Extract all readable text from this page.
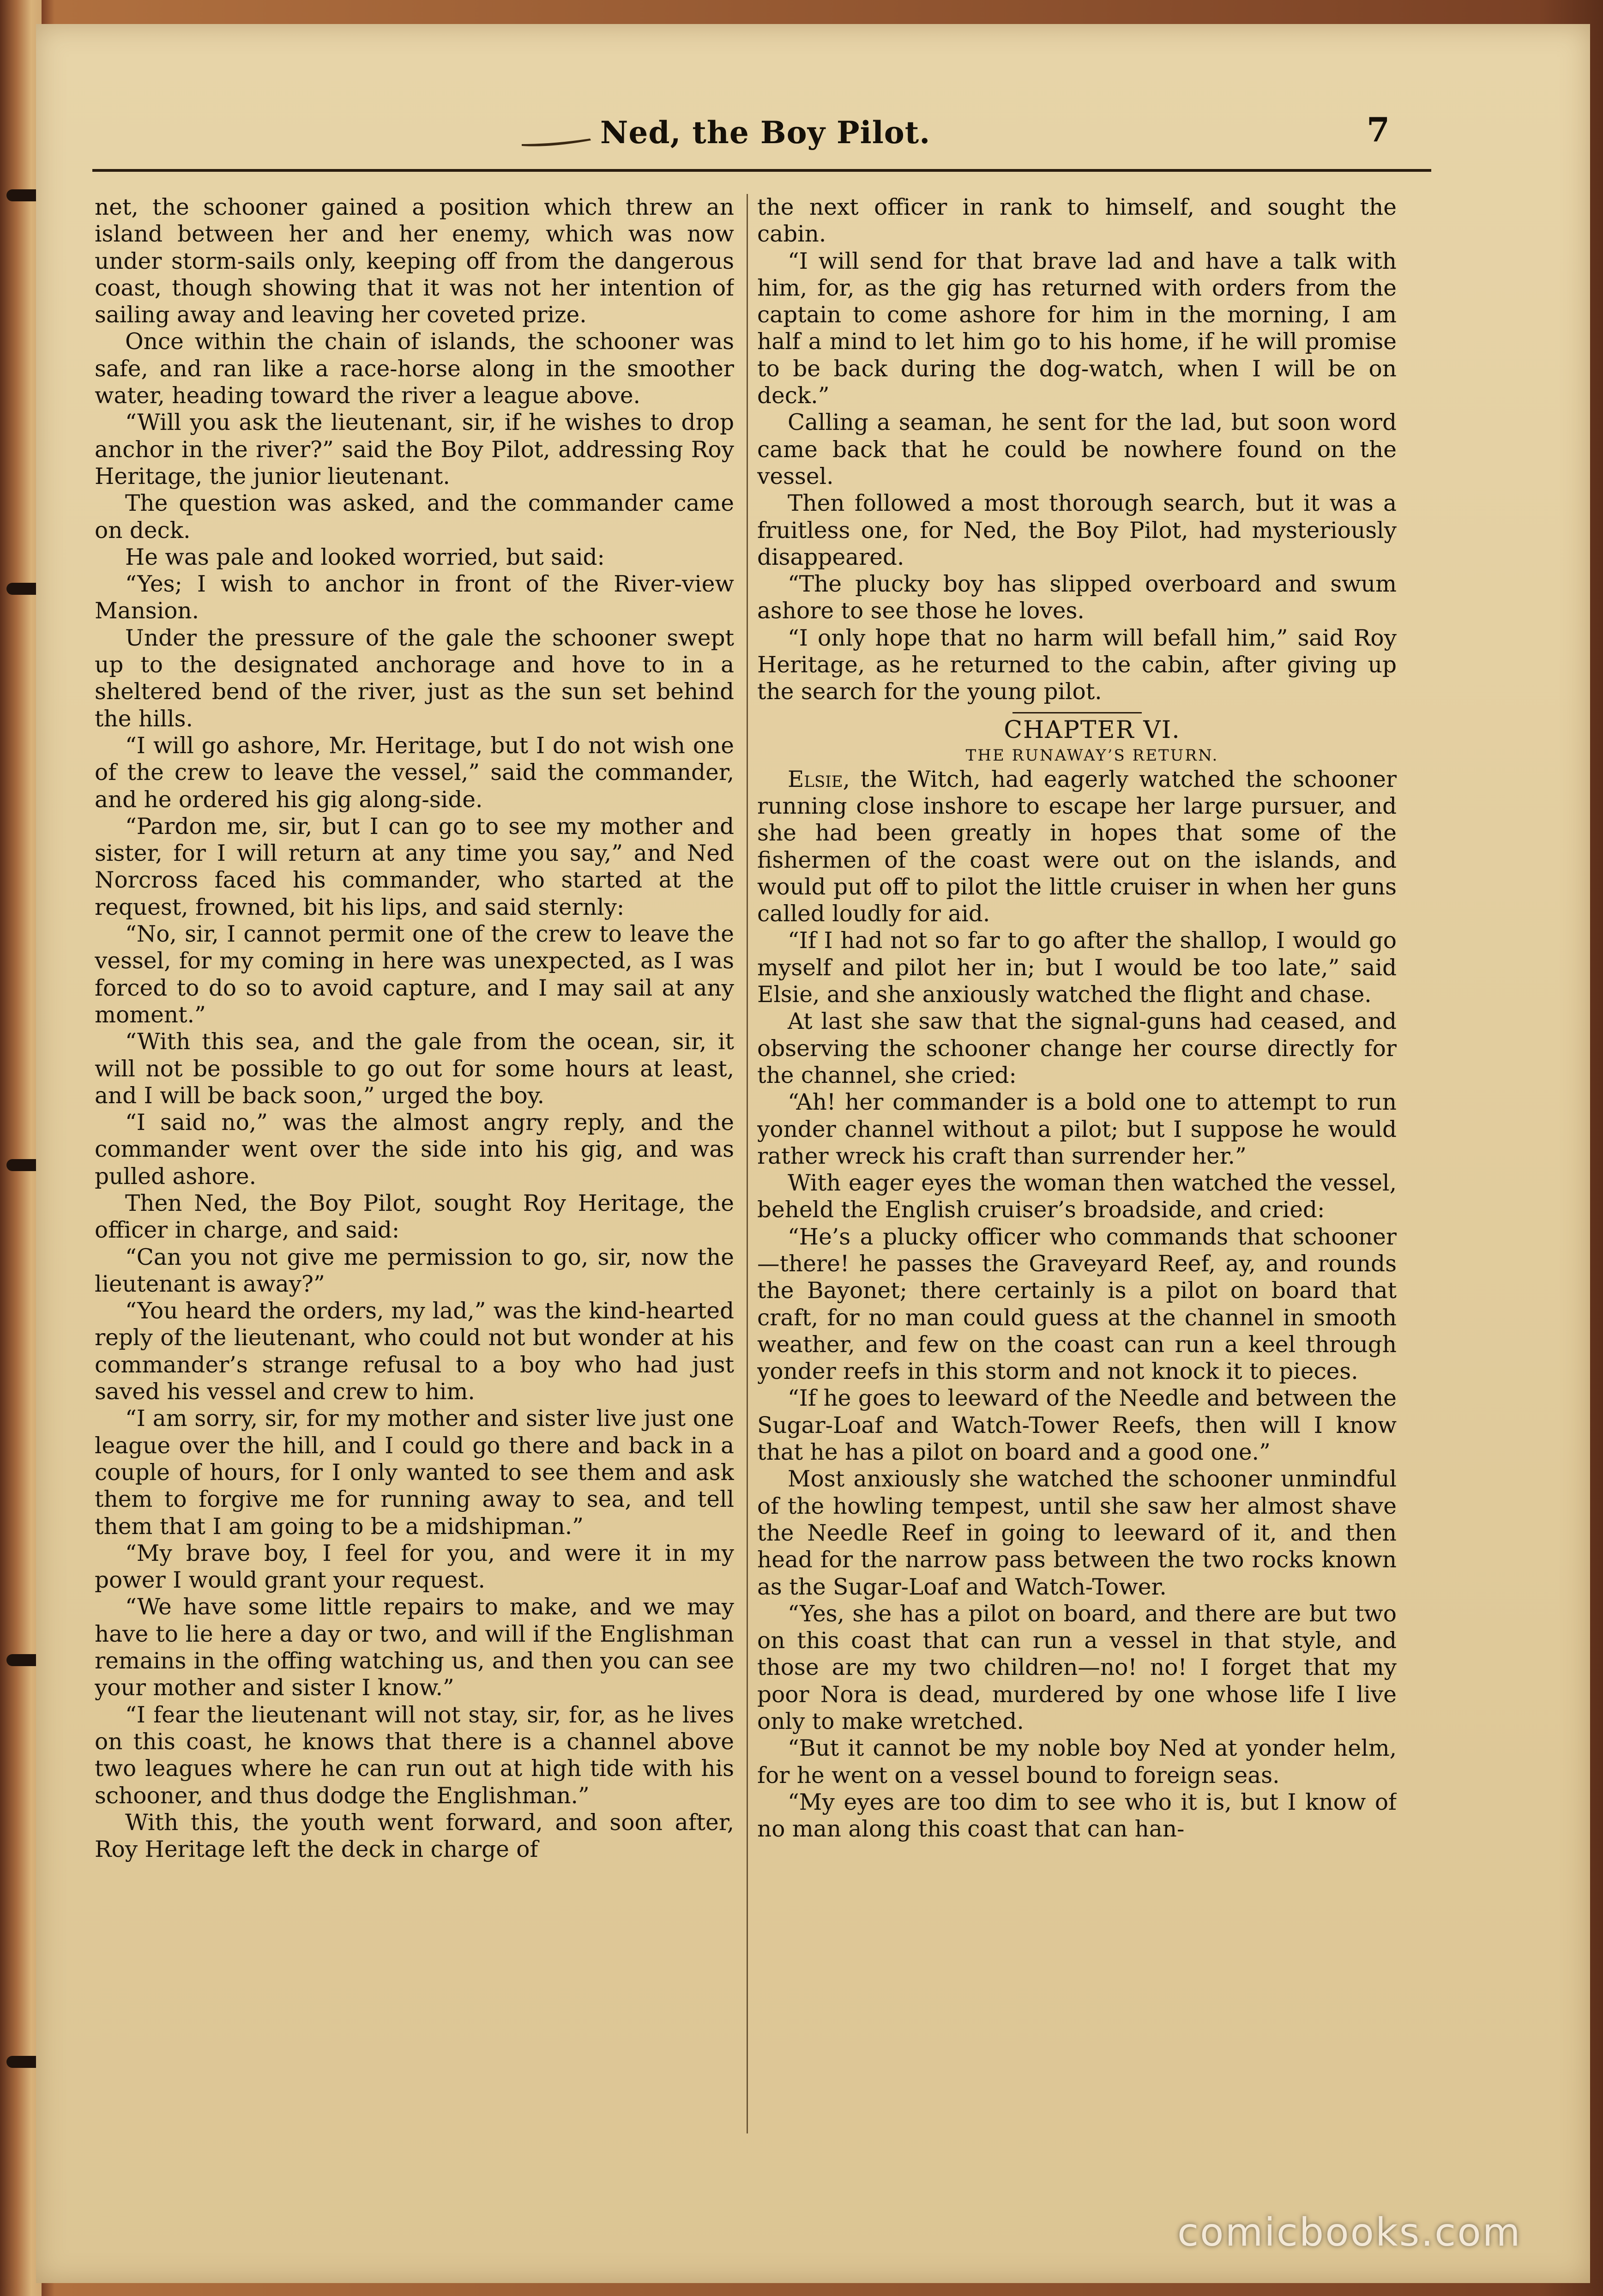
Ned, the Boy Pilot.	7

net, the schooner gained a position which threw an island between her and her enemy, which was now under storm-sails only, keeping off from the dangerous coast, though showing that it was not her intention of sailing away and leaving her coveted prize.

Once within the chain of islands, the schooner was safe, and ran like a race-horse along in the smoother water, heading toward the river a league above.

“Will you ask the lieutenant, sir, if he wishes to drop anchor in the river?” said the Boy Pilot, addressing Roy Heritage, the junior lieutenant.

The question was asked, and the commander came on deck.

He was pale and looked worried, but said:

“Yes; I wish to anchor in front of the River-view Mansion.

Under the pressure of the gale the schooner swept up to the designated anchorage and hove to in a sheltered bend of the river, just as the sun set behind the hills.

“I will go ashore, Mr. Heritage, but I do not wish one of the crew to leave the vessel,” said the commander, and he ordered his gig along-side.

“Pardon me, sir, but I can go to see my mother and sister, for I will return at any time you say,” and Ned Norcross faced his commander, who started at the request, frowned, bit his lips, and said sternly:

“No, sir, I cannot permit one of the crew to leave the vessel, for my coming in here was unexpected, as I was forced to do so to avoid capture, and I may sail at any moment.”

“With this sea, and the gale from the ocean, sir, it will not be possible to go out for some hours at least, and I will be back soon,” urged the boy.

“I said no,” was the almost angry reply, and the commander went over the side into his gig, and was pulled ashore.

Then Ned, the Boy Pilot, sought Roy Heritage, the officer in charge, and said:

“Can you not give me permission to go, sir, now the lieutenant is away?”

“You heard the orders, my lad,” was the kind-hearted reply of the lieutenant, who could not but wonder at his commander’s strange refusal to a boy who had just saved his vessel and crew to him.

“I am sorry, sir, for my mother and sister live just one league over the hill, and I could go there and back in a couple of hours, for I only wanted to see them and ask them to forgive me for running away to sea, and tell them that I am going to be a midshipman.”

“My brave boy, I feel for you, and were it in my power I would grant your request.

“We have some little repairs to make, and we may have to lie here a day or two, and will if the Englishman remains in the offing watching us, and then you can see your mother and sister I know.”

“I fear the lieutenant will not stay, sir, for, as he lives on this coast, he knows that there is a channel above two leagues where he can run out at high tide with his schooner, and thus dodge the Englishman.”

With this, the youth went forward, and soon after, Roy Heritage left the deck in charge of

the next officer in rank to himself, and sought the cabin.

“I will send for that brave lad and have a talk with him, for, as the gig has returned with orders from the captain to come ashore for him in the morning, I am half a mind to let him go to his home, if he will promise to be back during the dog-watch, when I will be on deck.”

Calling a seaman, he sent for the lad, but soon word came back that he could be nowhere found on the vessel.

Then followed a most thorough search, but it was a fruitless one, for Ned, the Boy Pilot, had mysteriously disappeared.

“The plucky boy has slipped overboard and swum ashore to see those he loves.

“I only hope that no harm will befall him,” said Roy Heritage, as he returned to the cabin, after giving up the search for the young pilot.

CHAPTER VI.

THE RUNAWAY’S RETURN.

Elsie, the Witch, had eagerly watched the schooner running close inshore to escape her large pursuer, and she had been greatly in hopes that some of the fishermen of the coast were out on the islands, and would put off to pilot the little cruiser in when her guns called loudly for aid.

“If I had not so far to go after the shallop, I would go myself and pilot her in; but I would be too late,” said Elsie, and she anxiously watched the flight and chase.

At last she saw that the signal-guns had ceased, and observing the schooner change her course directly for the channel, she cried:

“Ah! her commander is a bold one to attempt to run yonder channel without a pilot; but I suppose he would rather wreck his craft than surrender her.”

With eager eyes the woman then watched the vessel, beheld the English cruiser’s broadside, and cried:

“He’s a plucky officer who commands that schooner—there! he passes the Graveyard Reef, ay, and rounds the Bayonet; there certainly is a pilot on board that craft, for no man could guess at the channel in smooth weather, and few on the coast can run a keel through yonder reefs in this storm and not knock it to pieces.

“If he goes to leeward of the Needle and between the Sugar-Loaf and Watch-Tower Reefs, then will I know that he has a pilot on board and a good one.”

Most anxiously she watched the schooner unmindful of the howling tempest, until she saw her almost shave the Needle Reef in going to leeward of it, and then head for the narrow pass between the two rocks known as the Sugar-Loaf and Watch-Tower.

“Yes, she has a pilot on board, and there are but two on this coast that can run a vessel in that style, and those are my two children—no! no! I forget that my poor Nora is dead, murdered by one whose life I live only to make wretched.

“But it cannot be my noble boy Ned at yonder helm, for he went on a vessel bound to foreign seas.

“My eyes are too dim to see who it is, but I know of no man along this coast that can han-

comicbooks.com
